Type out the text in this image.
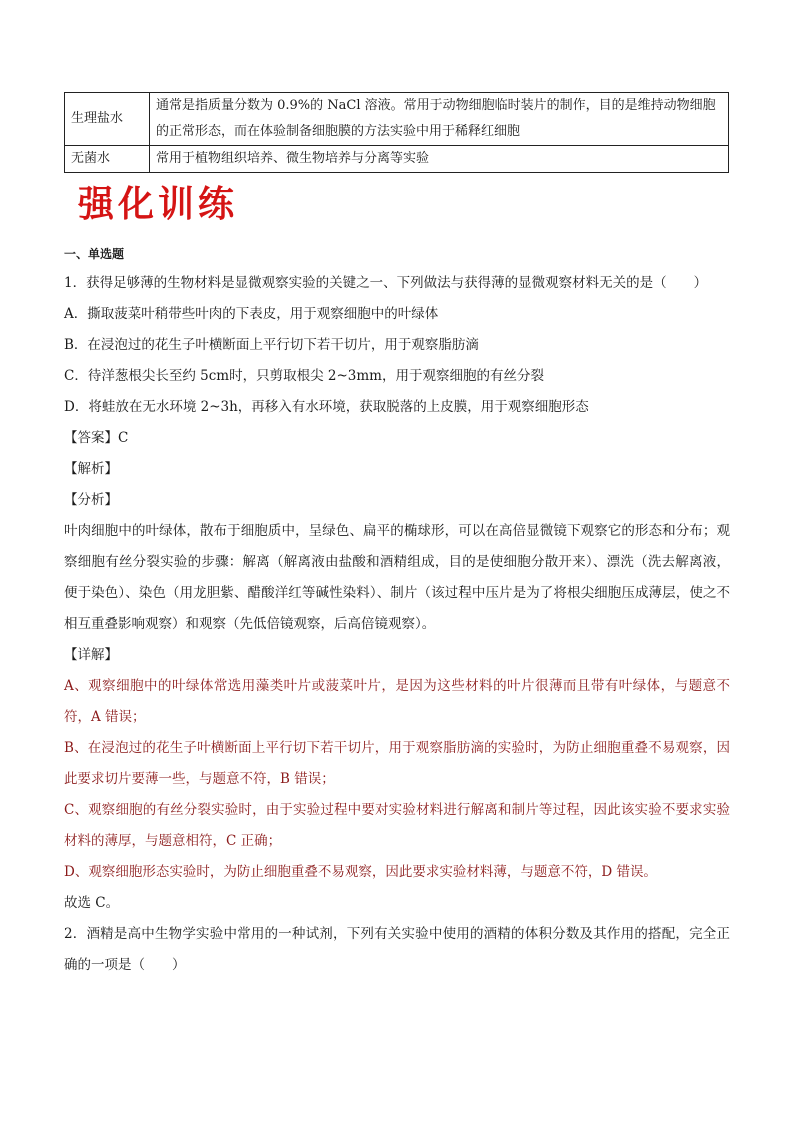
生理盐水	通常是指质量分数为 0.9%的 NaCl 溶液。常用于动物细胞临时装片的制作，目的是维持动物细胞的正常形态，而在体验制备细胞膜的方法实验中用于稀释红细胞
无菌水	常用于植物组织培养、微生物培养与分离等实验
强化训练
一、单选题
1．获得足够薄的生物材料是显微观察实验的关键之一、下列做法与获得薄的显微观察材料无关的是（　　）
A．撕取菠菜叶稍带些叶肉的下表皮，用于观察细胞中的叶绿体
B．在浸泡过的花生子叶横断面上平行切下若干切片，用于观察脂肪滴
C．待洋葱根尖长至约 5cm时，只剪取根尖 2~3mm，用于观察细胞的有丝分裂
D．将蛙放在无水环境 2~3h，再移入有水环境，获取脱落的上皮膜，用于观察细胞形态
【答案】C
【解析】
【分析】
叶肉细胞中的叶绿体，散布于细胞质中，呈绿色、扁平的椭球形，可以在高倍显微镜下观察它的形态和分布；观察细胞有丝分裂实验的步骤：解离（解离液由盐酸和酒精组成，目的是使细胞分散开来）、漂洗（洗去解离液，便于染色）、染色（用龙胆紫、醋酸洋红等碱性染料）、制片（该过程中压片是为了将根尖细胞压成薄层，使之不相互重叠影响观察）和观察（先低倍镜观察，后高倍镜观察）。
【详解】
A、观察细胞中的叶绿体常选用藻类叶片或菠菜叶片，是因为这些材料的叶片很薄而且带有叶绿体，与题意不符，A 错误；
B、在浸泡过的花生子叶横断面上平行切下若干切片，用于观察脂肪滴的实验时，为防止细胞重叠不易观察，因此要求切片要薄一些，与题意不符，B 错误；
C、观察细胞的有丝分裂实验时，由于实验过程中要对实验材料进行解离和制片等过程，因此该实验不要求实验材料的薄厚，与题意相符，C 正确；
D、观察细胞形态实验时，为防止细胞重叠不易观察，因此要求实验材料薄，与题意不符，D 错误。
故选 C。
2．酒精是高中生物学实验中常用的一种试剂，下列有关实验中使用的酒精的体积分数及其作用的搭配，完全正确的一项是（　　）
